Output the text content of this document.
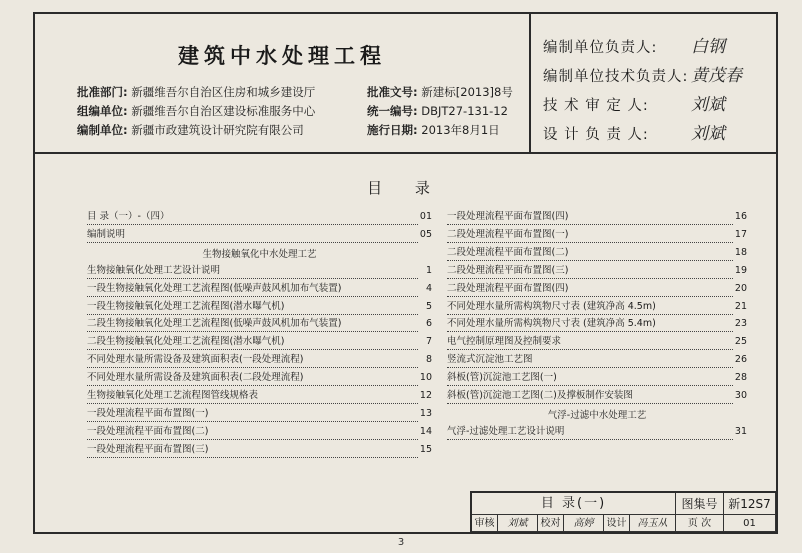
建筑中水处理工程
批准部门: 新疆维吾尔自治区住房和城乡建设厅	批准文号: 新建标[2013]8号
组编单位: 新疆维吾尔自治区建设标准服务中心	统一编号: DBJT27-131-12
编制单位: 新疆市政建筑设计研究院有限公司	施行日期: 2013年8月1日
编制单位负责人: 白钢
编制单位技术负责人: 黄茂春
技 术 审 定 人: 刘斌
设 计 负 责 人: 刘斌
目 录
目 录（一）-（四）	01
编制说明	05
生物接触氧化中水处理工艺
生物接触氧化处理工艺设计说明	1
一段生物接触氧化处理工艺流程图(低噪声鼓风机加布气装置)	4
一段生物接触氧化处理工艺流程图(潜水曝气机)	5
二段生物接触氧化处理工艺流程图(低噪声鼓风机加布气装置)	6
二段生物接触氧化处理工艺流程图(潜水曝气机)	7
不同处理水量所需设备及建筑面积表(一段处理流程)	8
不同处理水量所需设备及建筑面积表(二段处理流程)	10
生物接触氧化处理工艺流程图管线规格表	12
一段处理流程平面布置图(一)	13
一段处理流程平面布置图(二)	14
一段处理流程平面布置图(三)	15
一段处理流程平面布置图(四)	16
二段处理流程平面布置图(一)	17
二段处理流程平面布置图(二)	18
二段处理流程平面布置图(三)	19
二段处理流程平面布置图(四)	20
不同处理水量所需构筑物尺寸表 (建筑净高 4.5m)	21
不同处理水量所需构筑物尺寸表 (建筑净高 5.4m)	23
电气控制原理图及控制要求	25
竖流式沉淀池工艺图	26
斜板(管)沉淀池工艺图(一)	28
斜板(管)沉淀池工艺图(二)及撑板制作安装图	30
气浮-过滤中水处理工艺
气浮-过滤处理工艺设计说明	31
目 录(一)	图集号 新12S7
审核	刘斌	校对	高婷	设计	冯玉从	页 次	01
3
